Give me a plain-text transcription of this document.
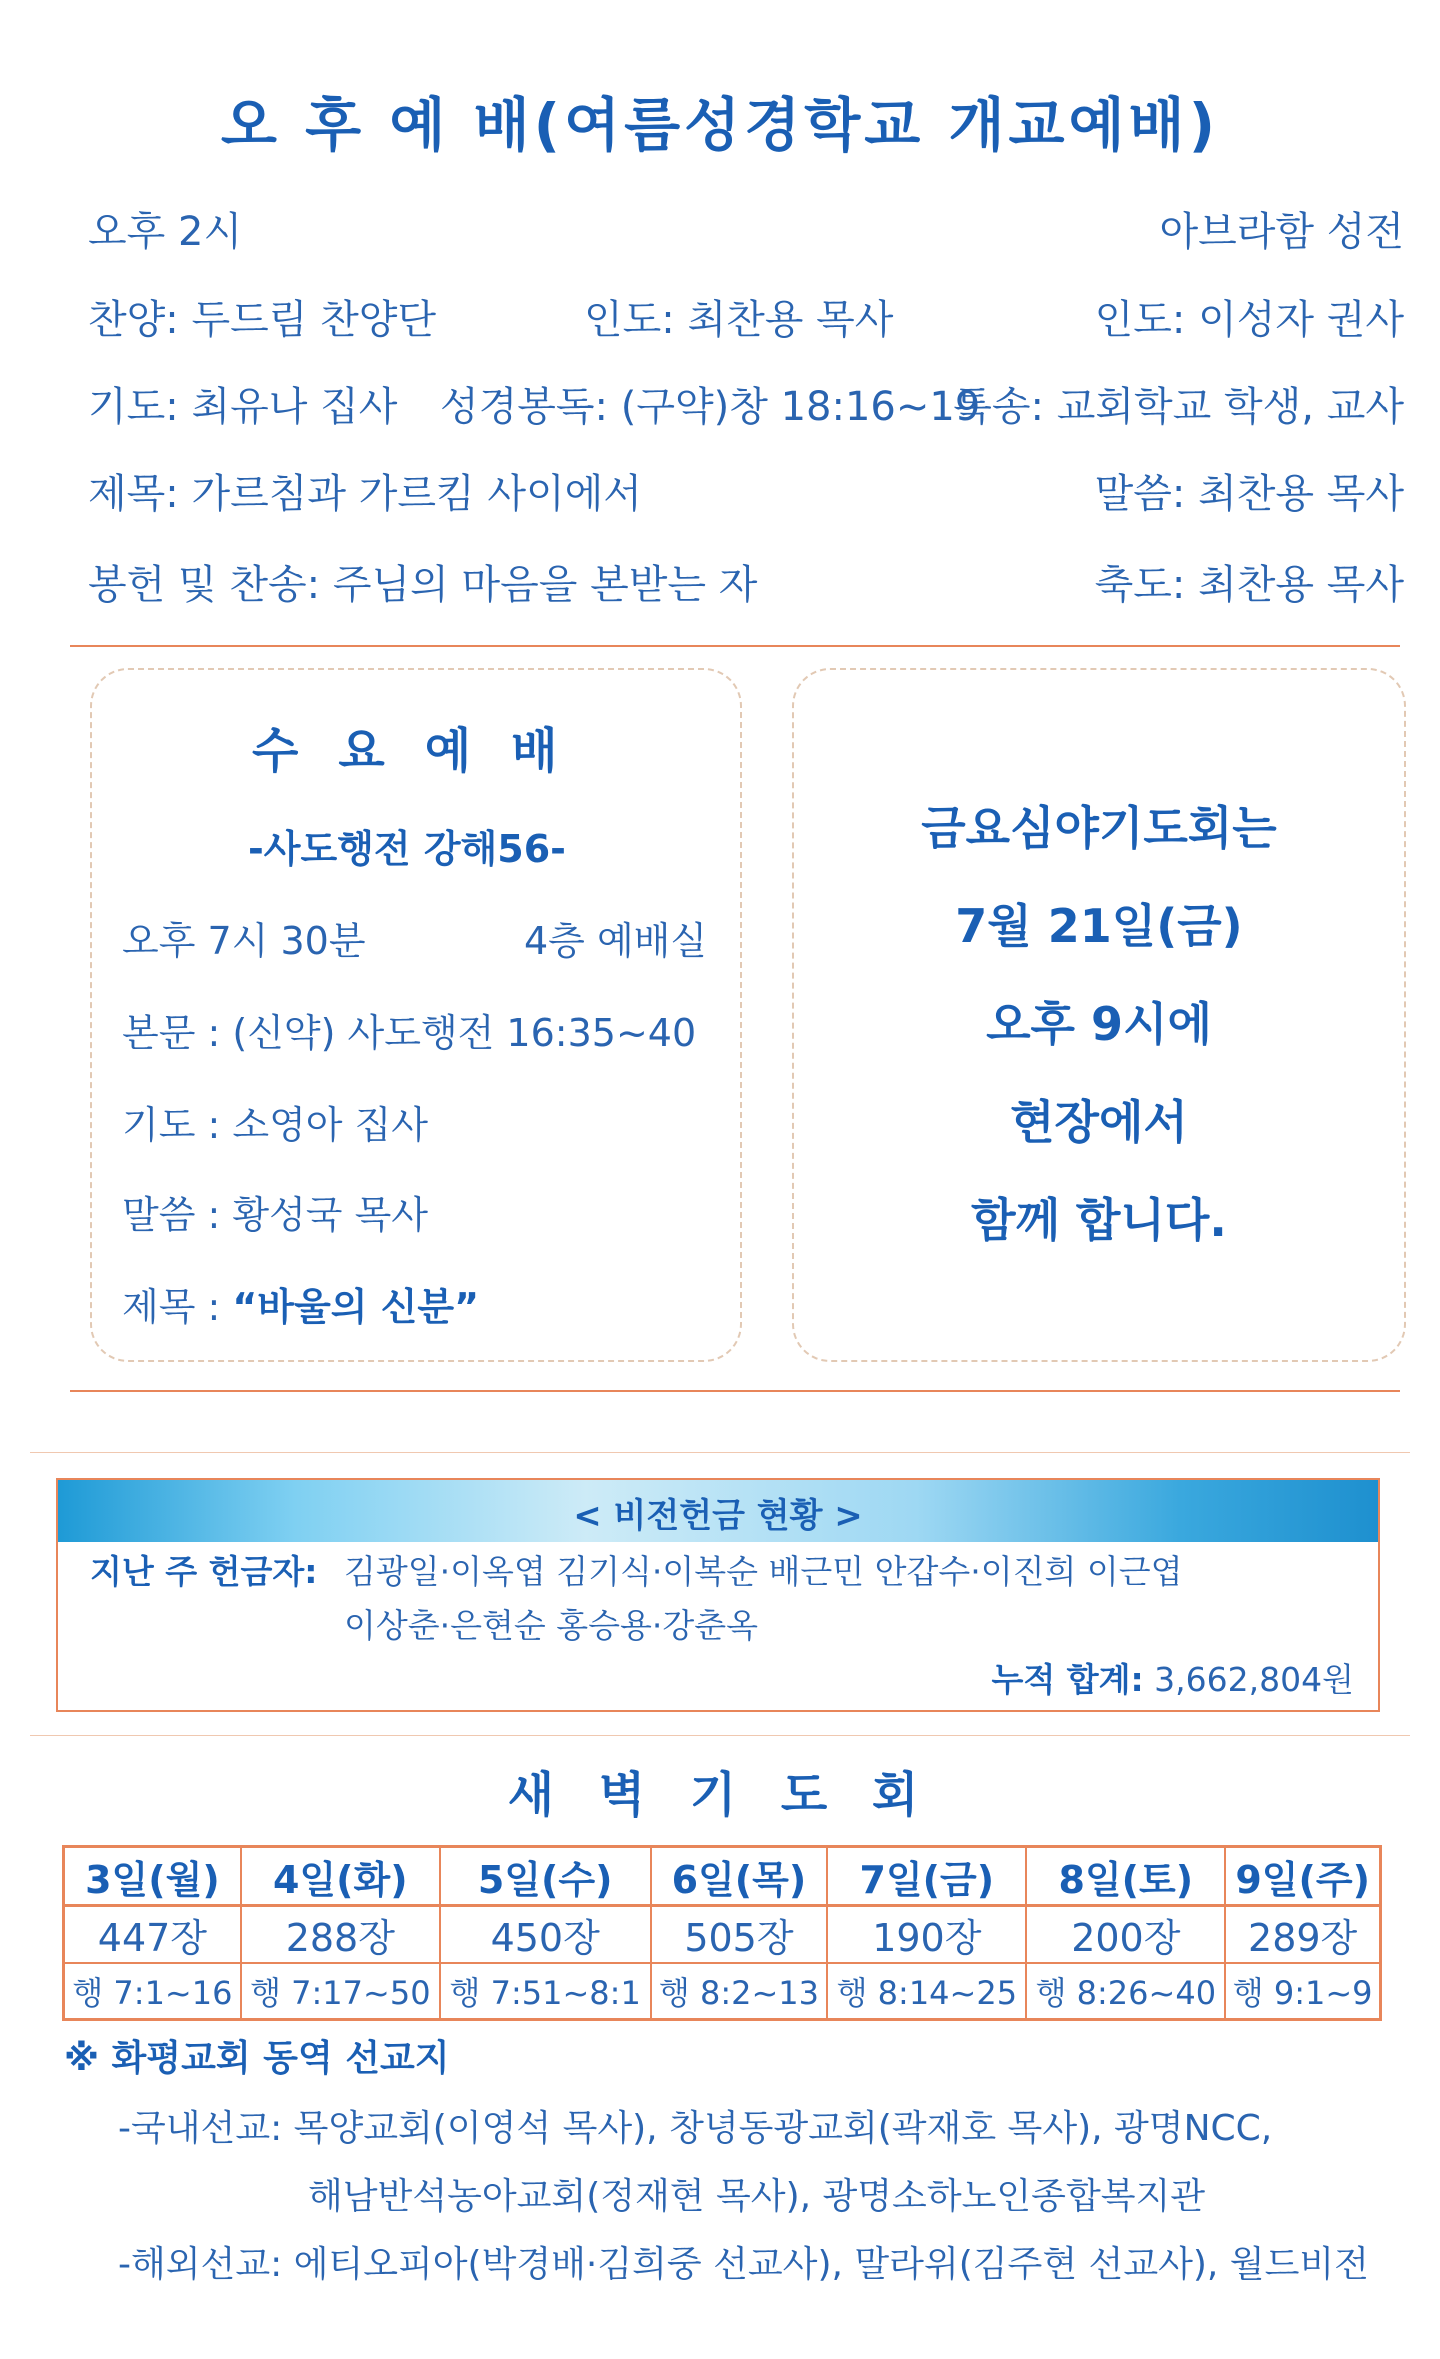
오 후 예 배(여름성경학교 개교예배)
오후 2시	아브라함 성전
찬양: 두드림 찬양단	인도: 최찬용 목사	인도: 이성자 권사
기도: 최유나 집사 성경봉독: (구약)창 18:16~19
특송: 교회학교 학생, 교사
제목: 가르침과 가르킴 사이에서	말씀: 최찬용 목사
봉헌 및 찬송: 주님의 마음을 본받는 자	축도: 최찬용 목사
수요예배
-사도행전 강해56-
오후 7시 30분	4층 예배실
본문 : (신약) 사도행전 16:35~40
기도 : 소영아 집사
말씀 : 황성국 목사
제목 : “바울의 신분”
금요심야기도회는
7월 21일(금)
오후 9시에
현장에서
함께 합니다.
< 비전헌금 현황 >
지난 주 헌금자: 김광일·이옥엽 김기식·이복순 배근민 안갑수·이진희 이근엽
이상춘·은현순 홍승용·강춘옥
누적 합계: 3,662,804원
새 벽 기 도 회
3일(월)	4일(화)	5일(수)	6일(목)	7일(금)	8일(토)	9일(주)
447장	288장	450장	505장	190장	200장	289장
행 7:1~16	행 7:17~50	행 7:51~8:1	행 8:2~13	행 8:14~25	행 8:26~40	행 9:1~9
※ 화평교회 동역 선교지
-국내선교: 목양교회(이영석 목사), 창녕동광교회(곽재호 목사), 광명NCC,
해남반석농아교회(정재현 목사), 광명소하노인종합복지관
-해외선교: 에티오피아(박경배·김희중 선교사), 말라위(김주현 선교사), 월드비전
